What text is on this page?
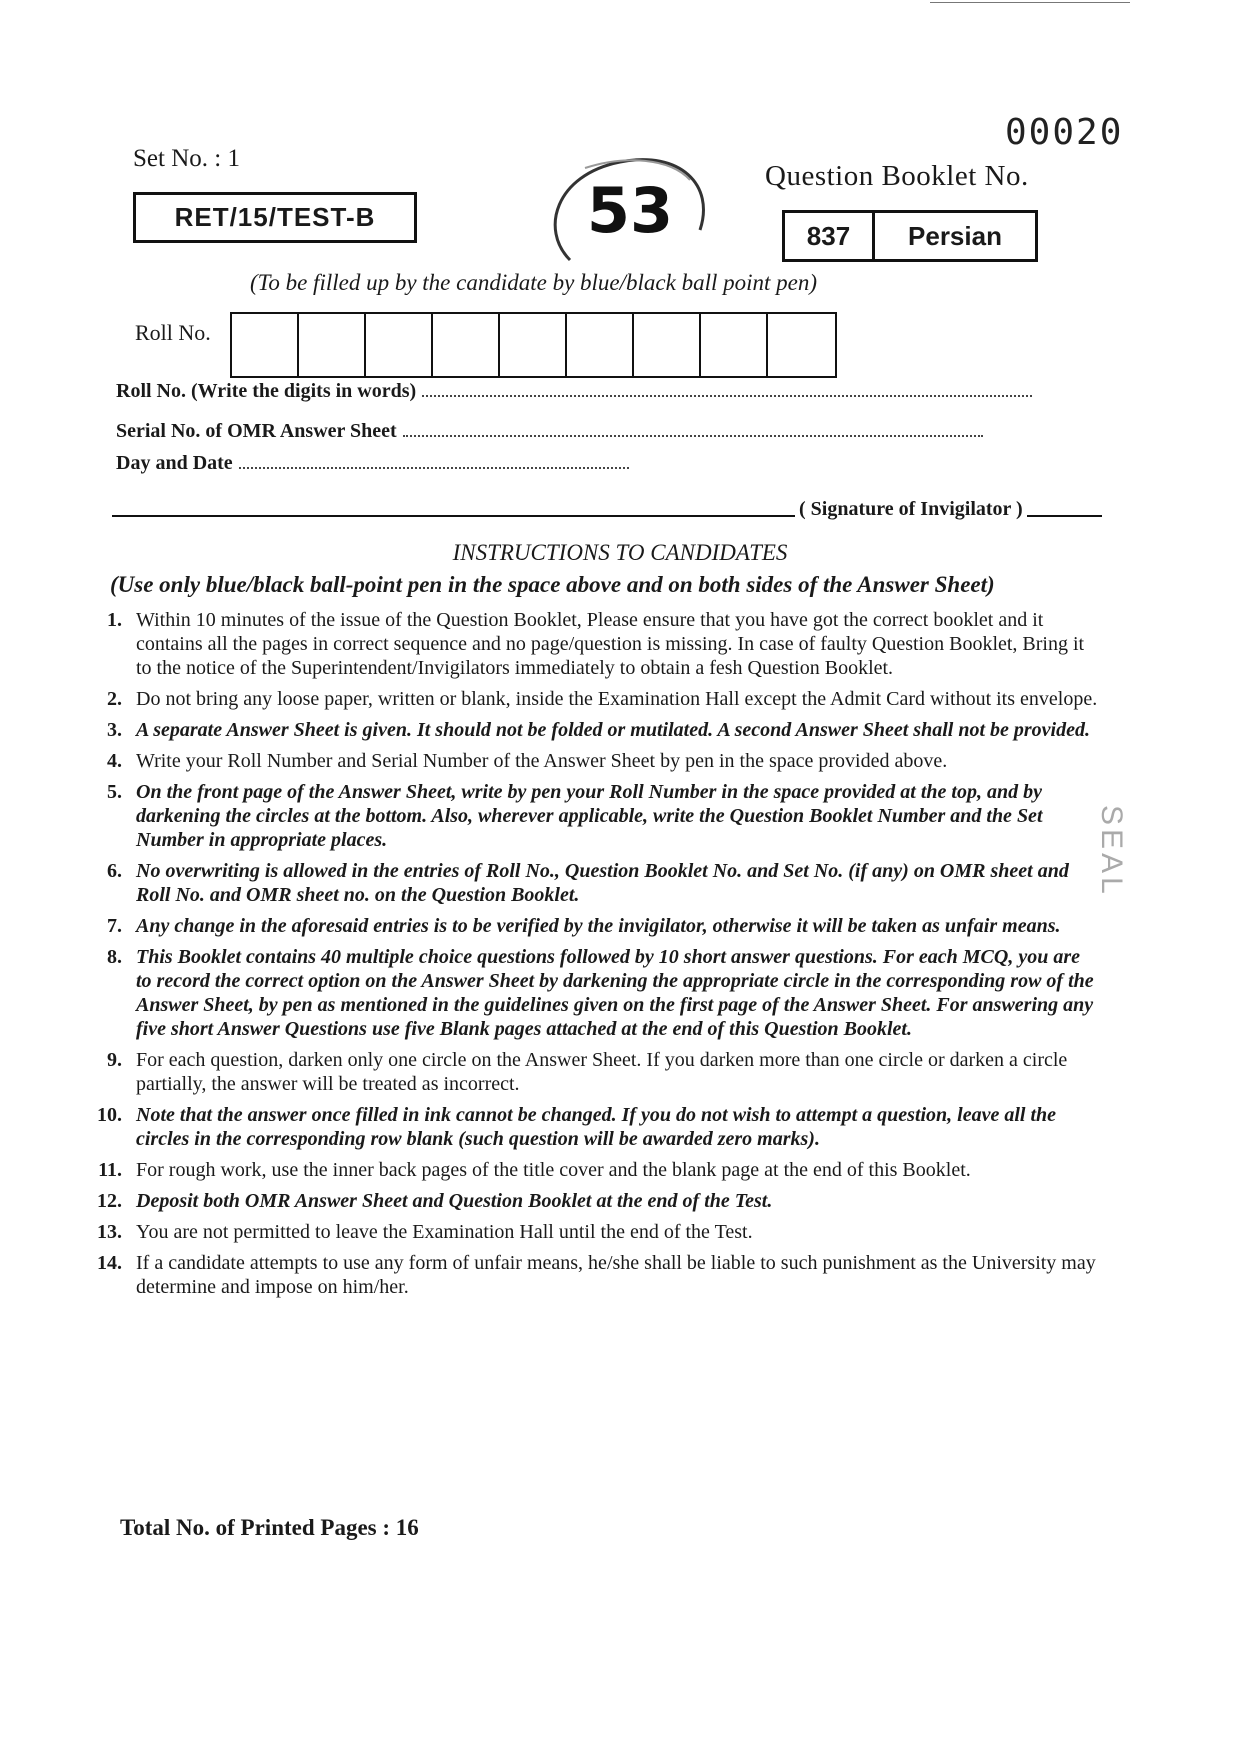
00020
Set No. : 1
RET/15/TEST-B
Question Booklet No.
837	Persian
53
(To be filled up by the candidate by blue/black ball point pen)
Roll No.
Roll No. (Write the digits in words)
Serial No. of OMR Answer Sheet
Day and Date
( Signature of Invigilator )
INSTRUCTIONS TO CANDIDATES
(Use only blue/black ball-point pen in the space above and on both sides of the Answer Sheet)
1. Within 10 minutes of the issue of the Question Booklet, Please ensure that you have got the correct booklet and it contains all the pages in correct sequence and no page/question is missing. In case of faulty Question Booklet, Bring it to the notice of the Superintendent/Invigilators immediately to obtain a fesh Question Booklet.
2. Do not bring any loose paper, written or blank, inside the Examination Hall except the Admit Card without its envelope.
3. A separate Answer Sheet is given. It should not be folded or mutilated. A second Answer Sheet shall not be provided.
4. Write your Roll Number and Serial Number of the Answer Sheet by pen in the space provided above.
5. On the front page of the Answer Sheet, write by pen your Roll Number in the space provided at the top, and by darkening the circles at the bottom. Also, wherever applicable, write the Question Booklet Number and the Set Number in appropriate places.
6. No overwriting is allowed in the entries of Roll No., Question Booklet No. and Set No. (if any) on OMR sheet and Roll No. and OMR sheet no. on the Question Booklet.
7. Any change in the aforesaid entries is to be verified by the invigilator, otherwise it will be taken as unfair means.
8. This Booklet contains 40 multiple choice questions followed by 10 short answer questions. For each MCQ, you are to record the correct option on the Answer Sheet by darkening the appropriate circle in the corresponding row of the Answer Sheet, by pen as mentioned in the guidelines given on the first page of the Answer Sheet. For answering any five short Answer Questions use five Blank pages attached at the end of this Question Booklet.
9. For each question, darken only one circle on the Answer Sheet. If you darken more than one circle or darken a circle partially, the answer will be treated as incorrect.
10. Note that the answer once filled in ink cannot be changed. If you do not wish to attempt a question, leave all the circles in the corresponding row blank (such question will be awarded zero marks).
11. For rough work, use the inner back pages of the title cover and the blank page at the end of this Booklet.
12. Deposit both OMR Answer Sheet and Question Booklet at the end of the Test.
13. You are not permitted to leave the Examination Hall until the end of the Test.
14. If a candidate attempts to use any form of unfair means, he/she shall be liable to such punishment as the University may determine and impose on him/her.
Total No. of Printed Pages : 16
SEAL
